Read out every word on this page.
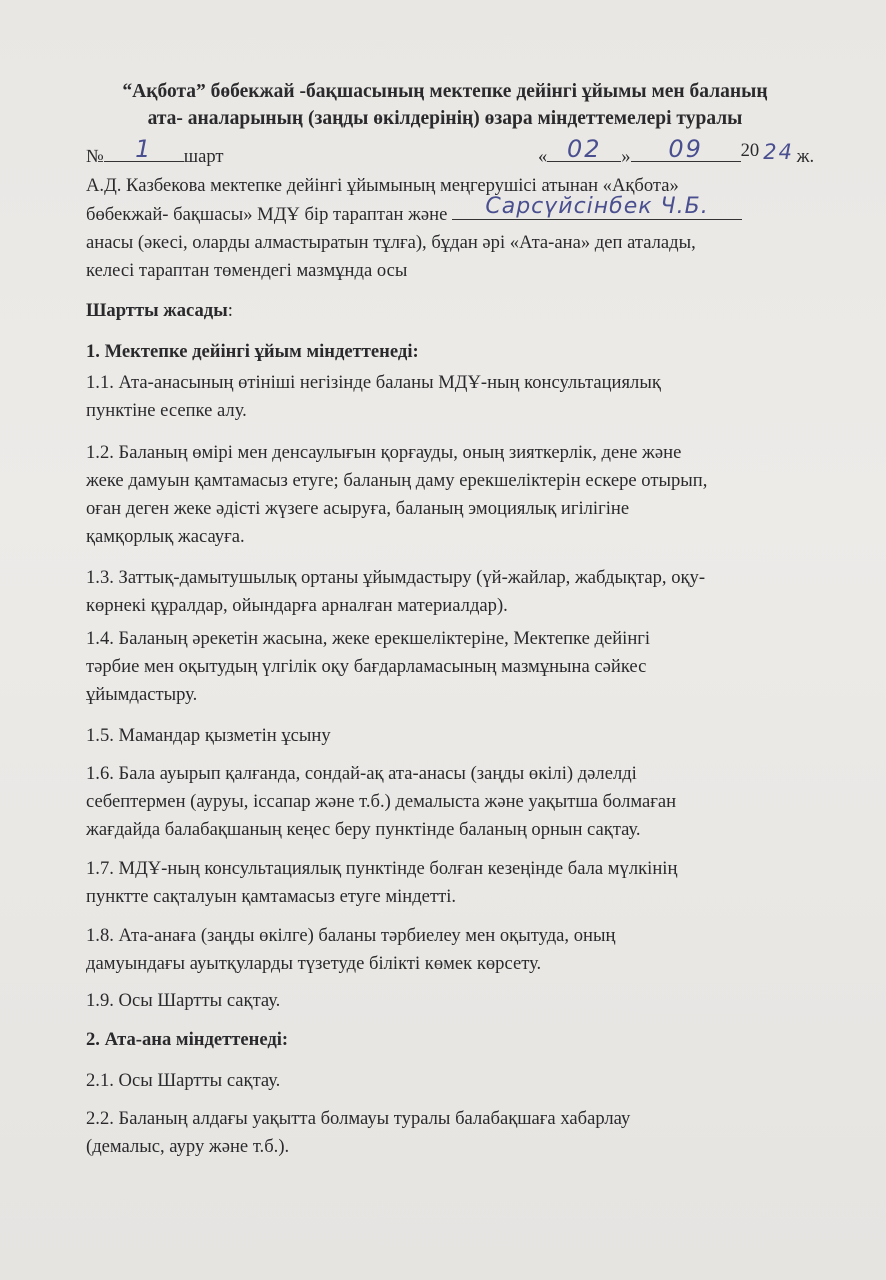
“Ақбота” бөбекжай -бақшасының мектепке дейінгі ұйымы мен баланың
ата- аналарының (заңды өкілдерінің) өзара міндеттемелері туралы
№	1	шарт	« 02	»	09	20 24 ж.
А.Д. Казбекова мектепке дейінгі ұйымының меңгерушісі атынан «Ақбота»
бөбекжай- бақшасы» МДҰ бір тараптан және	Сарсүйсінбек Ч.Б.
анасы (әкесі, оларды алмастыратын тұлға), бұдан әрі «Ата-ана» деп аталады,
келесі тараптан төмендегі мазмұнда осы
Шартты жасады:
1. Мектепке дейінгі ұйым міндеттенеді:
1.1. Ата-анасының өтініші негізінде баланы МДҰ-ның консультациялық
пунктіне есепке алу.
1.2. Баланың өмірі мен денсаулығын қорғауды, оның зияткерлік, дене және
жеке дамуын қамтамасыз етуге; баланың даму ерекшеліктерін ескере отырып,
оған деген жеке әдісті жүзеге асыруға, баланың эмоциялық игілігіне
қамқорлық жасауға.
1.3. Заттық-дамытушылық ортаны ұйымдастыру (үй-жайлар, жабдықтар, оқу-
көрнекі құралдар, ойындарға арналған материалдар).
1.4. Баланың әрекетін жасына, жеке ерекшеліктеріне, Мектепке дейінгі
тәрбие мен оқытудың үлгілік оқу бағдарламасының мазмұнына сәйкес
ұйымдастыру.
1.5. Мамандар қызметін ұсыну
1.6. Бала ауырып қалғанда, сондай-ақ ата-анасы (заңды өкілі) дәлелді
себептермен (ауруы, іссапар және т.б.) демалыста және уақытша болмаған
жағдайда балабақшаның кеңес беру пунктінде баланың орнын сақтау.
1.7. МДҰ-ның консультациялық пунктінде болған кезеңінде бала мүлкінің
пунктте сақталуын қамтамасыз етуге міндетті.
1.8. Ата-анаға (заңды өкілге) баланы тәрбиелеу мен оқытуда, оның
дамуындағы ауытқуларды түзетуде білікті көмек көрсету.
1.9. Осы Шартты сақтау.
2. Ата-ана міндеттенеді:
2.1. Осы Шартты сақтау.
2.2. Баланың алдағы уақытта болмауы туралы балабақшаға хабарлау
(демалыс, ауру және т.б.).
